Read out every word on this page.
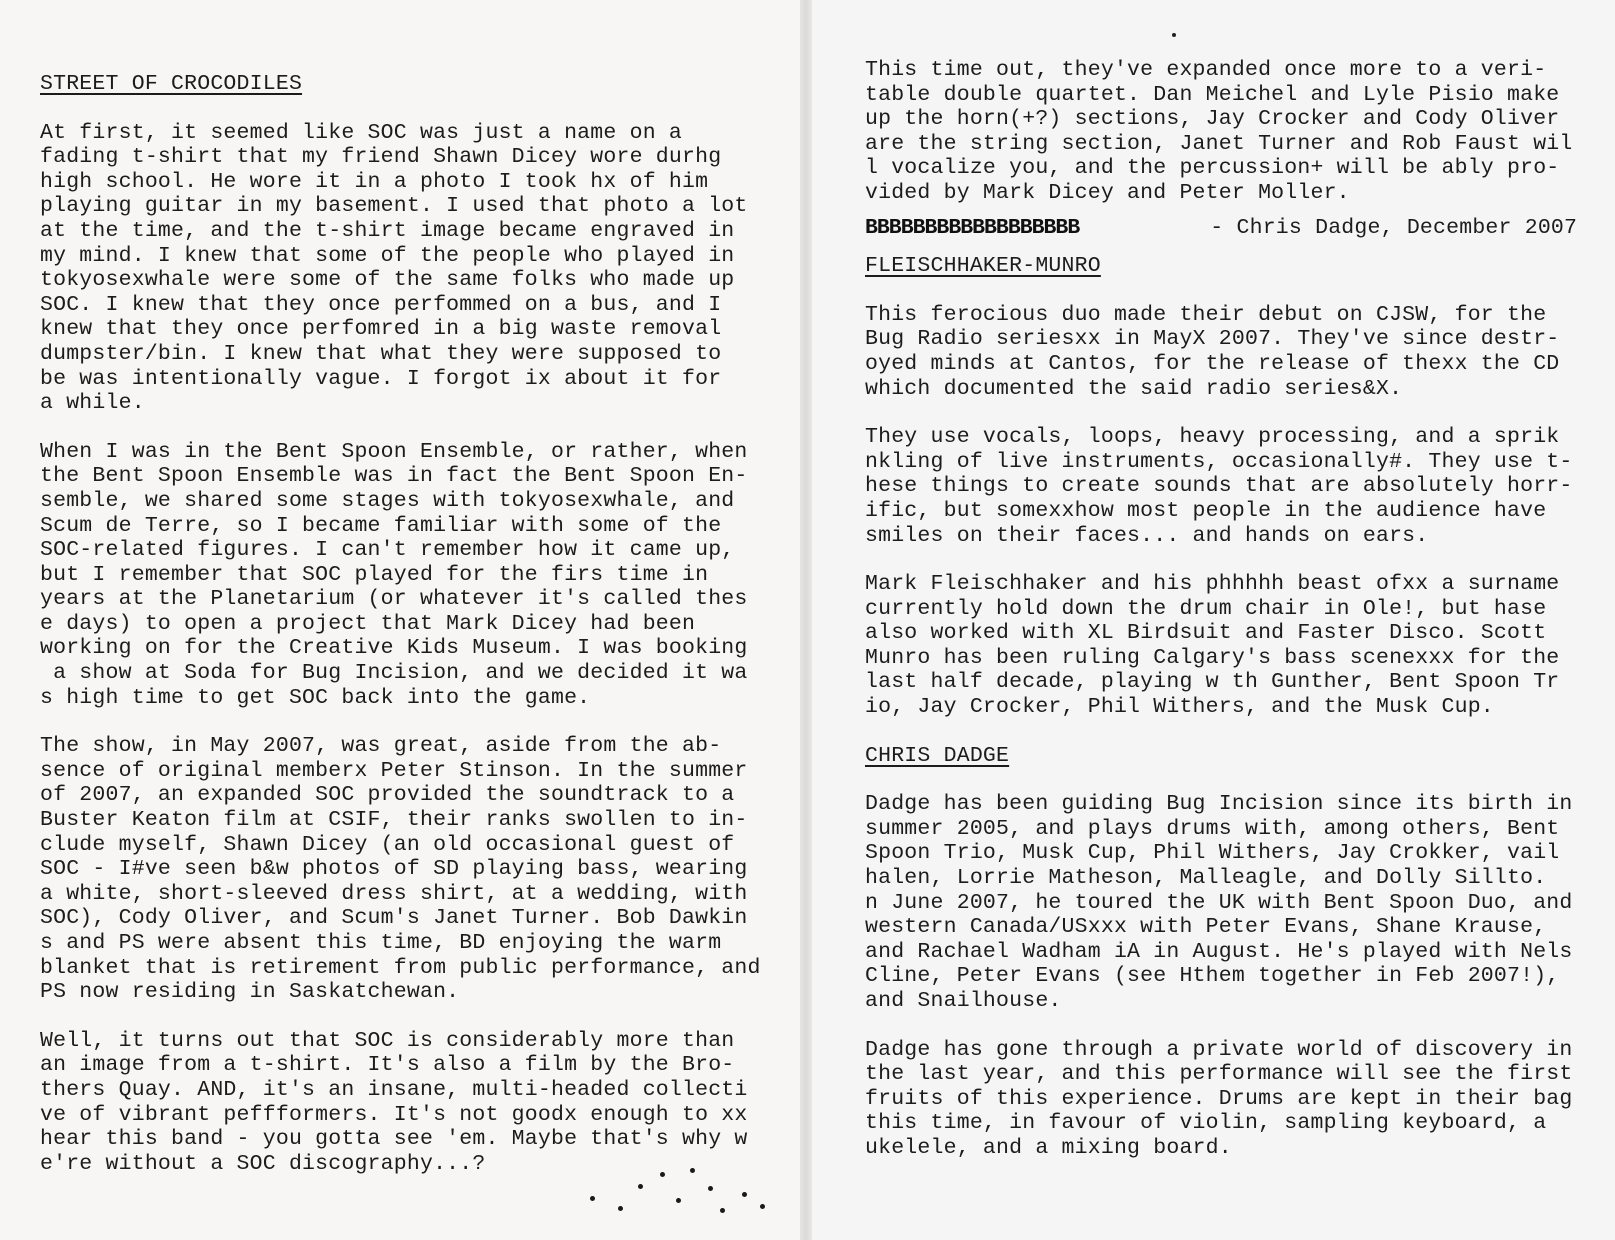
STREET OF CROCODILES

At first, it seemed like SOC was just a name on a
fading t-shirt that my friend Shawn Dicey wore durhg
high school. He wore it in a photo I took hx of him
playing guitar in my basement. I used that photo a lot
at the time, and the t-shirt image became engraved in
my mind. I knew that some of the people who played in
tokyosexwhale were some of the same folks who made up
SOC. I knew that they once perfommed on a bus, and I
knew that they once perfomred in a big waste removal
dumpster/bin. I knew that what they were supposed to
be was intentionally vague. I forgot ix about it for
a while.

When I was in the Bent Spoon Ensemble, or rather, when
the Bent Spoon Ensemble was in fact the Bent Spoon En-
semble, we shared some stages with tokyosexwhale, and
Scum de Terre, so I became familiar with some of the
SOC-related figures. I can't remember how it came up,
but I remember that SOC played for the firs time in
years at the Planetarium (or whatever it's called thes
e days) to open a project that Mark Dicey had been
working on for the Creative Kids Museum. I was booking
a show at Soda for Bug Incision, and we decided it wa
s high time to get SOC back into the game.

The show, in May 2007, was great, aside from the ab-
sence of original memberx Peter Stinson. In the summer
of 2007, an expanded SOC provided the soundtrack to a
Buster Keaton film at CSIF, their ranks swollen to in-
clude myself, Shawn Dicey (an old occasional guest of
SOC - I#ve seen b&w photos of SD playing bass, wearing
a white, short-sleeved dress shirt, at a wedding, with
SOC), Cody Oliver, and Scum's Janet Turner. Bob Dawkin
s and PS were absent this time, BD enjoying the warm
blanket that is retirement from public performance, and
PS now residing in Saskatchewan.

Well, it turns out that SOC is considerably more than
an image from a t-shirt. It's also a film by the Bro-
thers Quay. AND, it's an insane, multi-headed collecti
ve of vibrant peffformers. It's not goodx enough to xx
hear this band - you gotta see 'em. Maybe that's why w
e're without a SOC discography...?

This time out, they've expanded once more to a veri-
table double quartet. Dan Meichel and Lyle Pisio make
up the horn(+?) sections, Jay Crocker and Cody Oliver
are the string section, Janet Turner and Rob Faust wil
l vocalize you, and the percussion+ will be ably pro-
vided by Mark Dicey and Peter Moller.

BBBBBBBBBBBBBBBBBB	- Chris Dadge, December 2007
FLEISCHHAKER-MUNRO

This ferocious duo made their debut on CJSW, for the
Bug Radio seriesxx in MayX 2007. They've since destr-
oyed minds at Cantos, for the release of thexx the CD
which documented the said radio series&X.

They use vocals, loops, heavy processing, and a sprik
nkling of live instruments, occasionally#. They use t-
hese things to create sounds that are absolutely horr-
ific, but somexxhow most people in the audience have
smiles on their faces... and hands on ears.

Mark Fleischhaker and his phhhhh beast ofxx a surname
currently hold down the drum chair in Ole!, but hase
also worked with XL Birdsuit and Faster Disco. Scott
Munro has been ruling Calgary's bass scenexxx for the
last half decade, playing w th Gunther, Bent Spoon Tr
io, Jay Crocker, Phil Withers, and the Musk Cup.

CHRIS DADGE

Dadge has been guiding Bug Incision since its birth in
summer 2005, and plays drums with, among others, Bent
Spoon Trio, Musk Cup, Phil Withers, Jay Crokker, vail
halen, Lorrie Matheson, Malleagle, and Dolly Sillto.
n June 2007, he toured the UK with Bent Spoon Duo, and
western Canada/USxxx with Peter Evans, Shane Krause,
and Rachael Wadham iA in August. He's played with Nels
Cline, Peter Evans (see Hthem together in Feb 2007!),
and Snailhouse.

Dadge has gone through a private world of discovery in
the last year, and this performance will see the first
fruits of this experience. Drums are kept in their bag
this time, in favour of violin, sampling keyboard, a
ukelele, and a mixing board.
